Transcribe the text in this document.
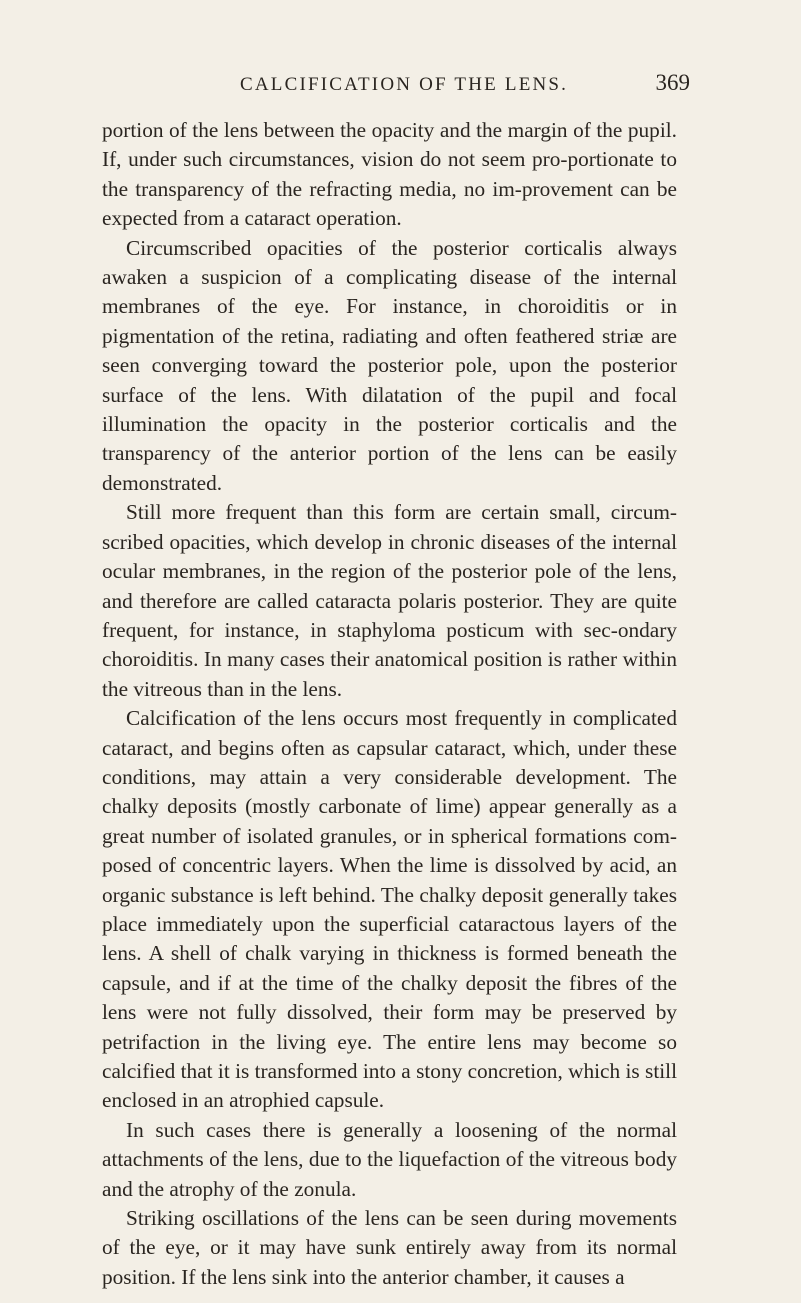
CALCIFICATION OF THE LENS.	369

portion of the lens between the opacity and the margin of the pupil. If, under such circumstances, vision do not seem pro-portionate to the transparency of the refracting media, no im-provement can be expected from a cataract operation.

Circumscribed opacities of the posterior corticalis always awaken a suspicion of a complicating disease of the internal membranes of the eye. For instance, in choroiditis or in pigmentation of the retina, radiating and often feathered striæ are seen converging toward the posterior pole, upon the posterior surface of the lens. With dilatation of the pupil and focal illumination the opacity in the posterior corticalis and the transparency of the anterior portion of the lens can be easily demonstrated.

Still more frequent than this form are certain small, circum-scribed opacities, which develop in chronic diseases of the internal ocular membranes, in the region of the posterior pole of the lens, and therefore are called cataracta polaris posterior. They are quite frequent, for instance, in staphyloma posticum with sec-ondary choroiditis. In many cases their anatomical position is rather within the vitreous than in the lens.

Calcification of the lens occurs most frequently in complicated cataract, and begins often as capsular cataract, which, under these conditions, may attain a very considerable development. The chalky deposits (mostly carbonate of lime) appear generally as a great number of isolated granules, or in spherical formations com-posed of concentric layers. When the lime is dissolved by acid, an organic substance is left behind. The chalky deposit generally takes place immediately upon the superficial cataractous layers of the lens. A shell of chalk varying in thickness is formed beneath the capsule, and if at the time of the chalky deposit the fibres of the lens were not fully dissolved, their form may be preserved by petrifaction in the living eye. The entire lens may become so calcified that it is transformed into a stony concretion, which is still enclosed in an atrophied capsule.

In such cases there is generally a loosening of the normal attachments of the lens, due to the liquefaction of the vitreous body and the atrophy of the zonula.

Striking oscillations of the lens can be seen during movements of the eye, or it may have sunk entirely away from its normal position. If the lens sink into the anterior chamber, it causes a
